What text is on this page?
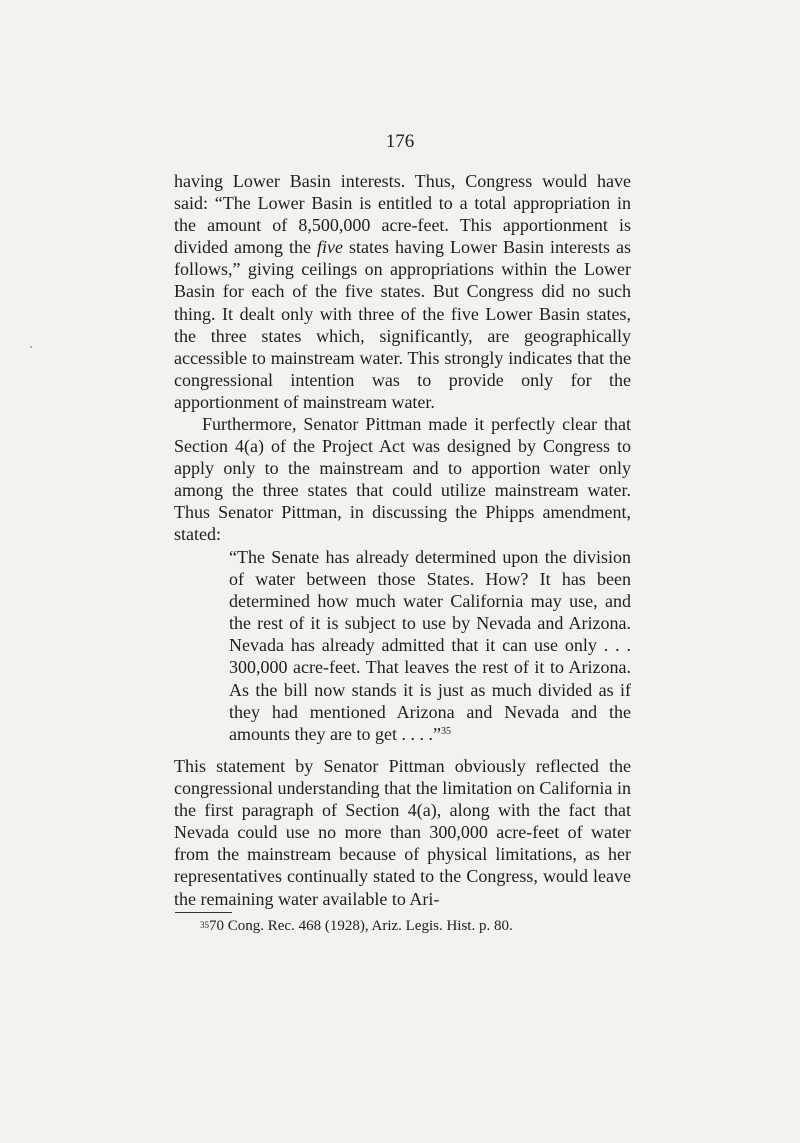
176

having Lower Basin interests. Thus, Congress would have said: “The Lower Basin is entitled to a total appropriation in the amount of 8,500,000 acre-feet. This apportionment is divided among the five states having Lower Basin interests as follows,” giving ceilings on appropriations within the Lower Basin for each of the five states. But Congress did no such thing. It dealt only with three of the five Lower Basin states, the three states which, significantly, are geographically accessible to mainstream water. This strongly indicates that the congressional intention was to provide only for the apportionment of mainstream water.

Furthermore, Senator Pittman made it perfectly clear that Section 4(a) of the Project Act was designed by Congress to apply only to the mainstream and to apportion water only among the three states that could utilize mainstream water. Thus Senator Pittman, in discussing the Phipps amendment, stated:

“The Senate has already determined upon the division of water between those States. How? It has been determined how much water California may use, and the rest of it is subject to use by Nevada and Arizona. Nevada has already admitted that it can use only . . . 300,000 acre-feet. That leaves the rest of it to Arizona. As the bill now stands it is just as much divided as if they had mentioned Arizona and Nevada and the amounts they are to get . . . .”$^{35}$

This statement by Senator Pittman obviously reflected the congressional understanding that the limitation on California in the first paragraph of Section 4(a), along with the fact that Nevada could use no more than 300,000 acre-feet of water from the mainstream because of physical limitations, as her representatives continually stated to the Congress, would leave the remaining water available to Ari-

$^{35}$70 Cong. Rec. 468 (1928), Ariz. Legis. Hist. p. 80.
